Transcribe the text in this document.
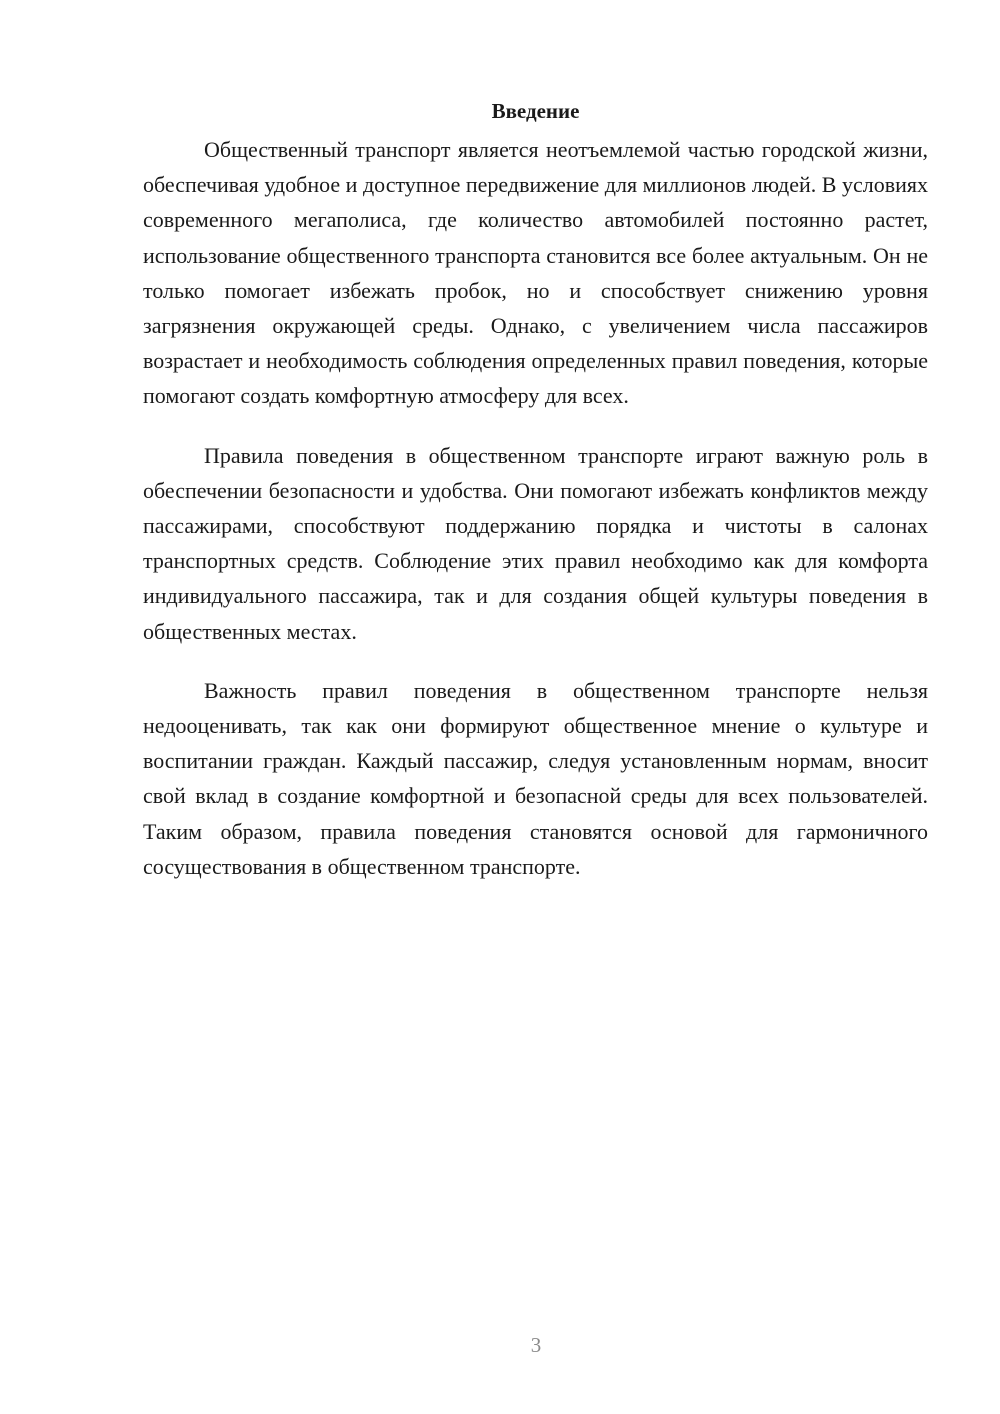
Введение

Общественный транспорт является неотъемлемой частью городской жизни, обеспечивая удобное и доступное передвижение для миллионов людей. В условиях современного мегаполиса, где количество автомобилей постоянно растет, использование общественного транспорта становится все более актуальным. Он не только помогает избежать пробок, но и способствует снижению уровня загрязнения окружающей среды. Однако, с увеличением числа пассажиров возрастает и необходимость соблюдения определенных правил поведения, которые помогают создать комфортную атмосферу для всех.

Правила поведения в общественном транспорте играют важную роль в обеспечении безопасности и удобства. Они помогают избежать конфликтов между пассажирами, способствуют поддержанию порядка и чистоты в салонах транспортных средств. Соблюдение этих правил необходимо как для комфорта индивидуального пассажира, так и для создания общей культуры поведения в общественных местах.

Важность правил поведения в общественном транспорте нельзя недооценивать, так как они формируют общественное мнение о культуре и воспитании граждан. Каждый пассажир, следуя установленным нормам, вносит свой вклад в создание комфортной и безопасной среды для всех пользователей. Таким образом, правила поведения становятся основой для гармоничного сосуществования в общественном транспорте.

3
